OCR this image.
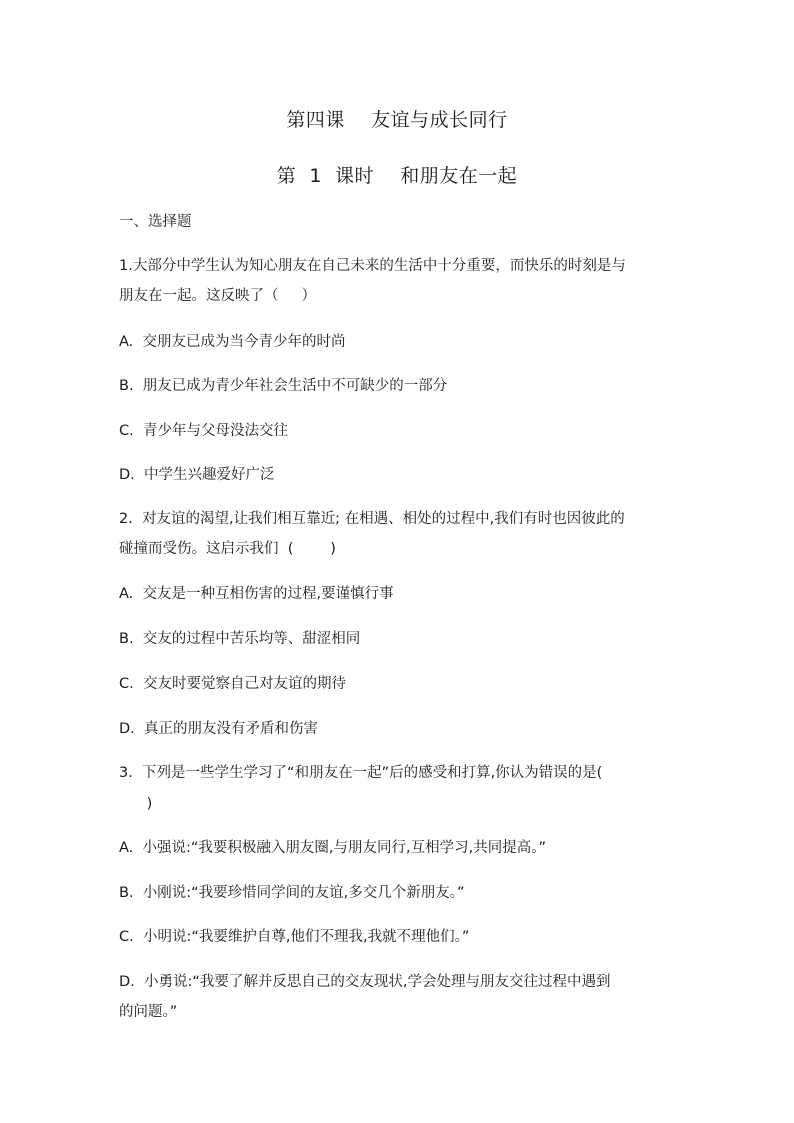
第四课    友谊与成长同行
第  1  课时    和朋友在一起
一、选择题
1.大部分中学生认为知心朋友在自己未来的生活中十分重要，而快乐的时刻是与
朋友在一起。这反映了（     ）
A.  交朋友已成为当今青少年的时尚
B.  朋友已成为青少年社会生活中不可缺少的一部分
C.  青少年与父母没法交往
D.  中学生兴趣爱好广泛
2.  对友谊的渴望,让我们相互靠近; 在相遇、相处的过程中,我们有时也因彼此的
碰撞而受伤。这启示我们  (        )
A.  交友是一种互相伤害的过程,要谨慎行事
B.  交友的过程中苦乐均等、甜涩相同
C.  交友时要觉察自己对友谊的期待
D.  真正的朋友没有矛盾和伤害
3.  下列是一些学生学习了“和朋友在一起”后的感受和打算,你认为错误的是(
)
A.  小强说:“我要积极融入朋友圈,与朋友同行,互相学习,共同提高。”
B.  小刚说:“我要珍惜同学间的友谊,多交几个新朋友。”
C.  小明说:“我要维护自尊,他们不理我,我就不理他们。”
D.  小勇说:“我要了解并反思自己的交友现状,学会处理与朋友交往过程中遇到
的问题。”
